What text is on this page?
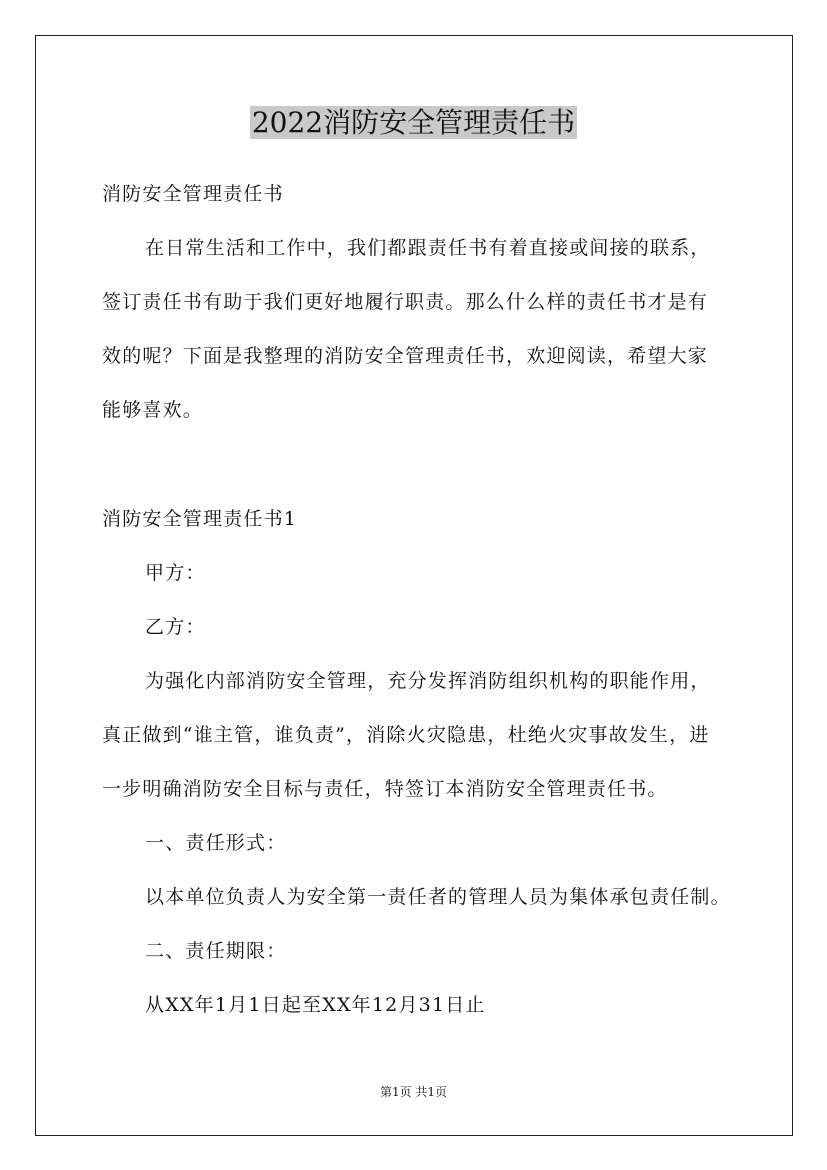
2022消防安全管理责任书
消防安全管理责任书
在日常生活和工作中，我们都跟责任书有着直接或间接的联系，
签订责任书有助于我们更好地履行职责。那么什么样的责任书才是有
效的呢？下面是我整理的消防安全管理责任书，欢迎阅读，希望大家
能够喜欢。
消防安全管理责任书1
甲方：
乙方：
为强化内部消防安全管理，充分发挥消防组织机构的职能作用，
真正做到“谁主管，谁负责”，消除火灾隐患，杜绝火灾事故发生，进
一步明确消防安全目标与责任，特签订本消防安全管理责任书。
一、责任形式：
以本单位负责人为安全第一责任者的管理人员为集体承包责任制。
二、责任期限：
从XX年1月1日起至XX年12月31日止
第1页 共1页
